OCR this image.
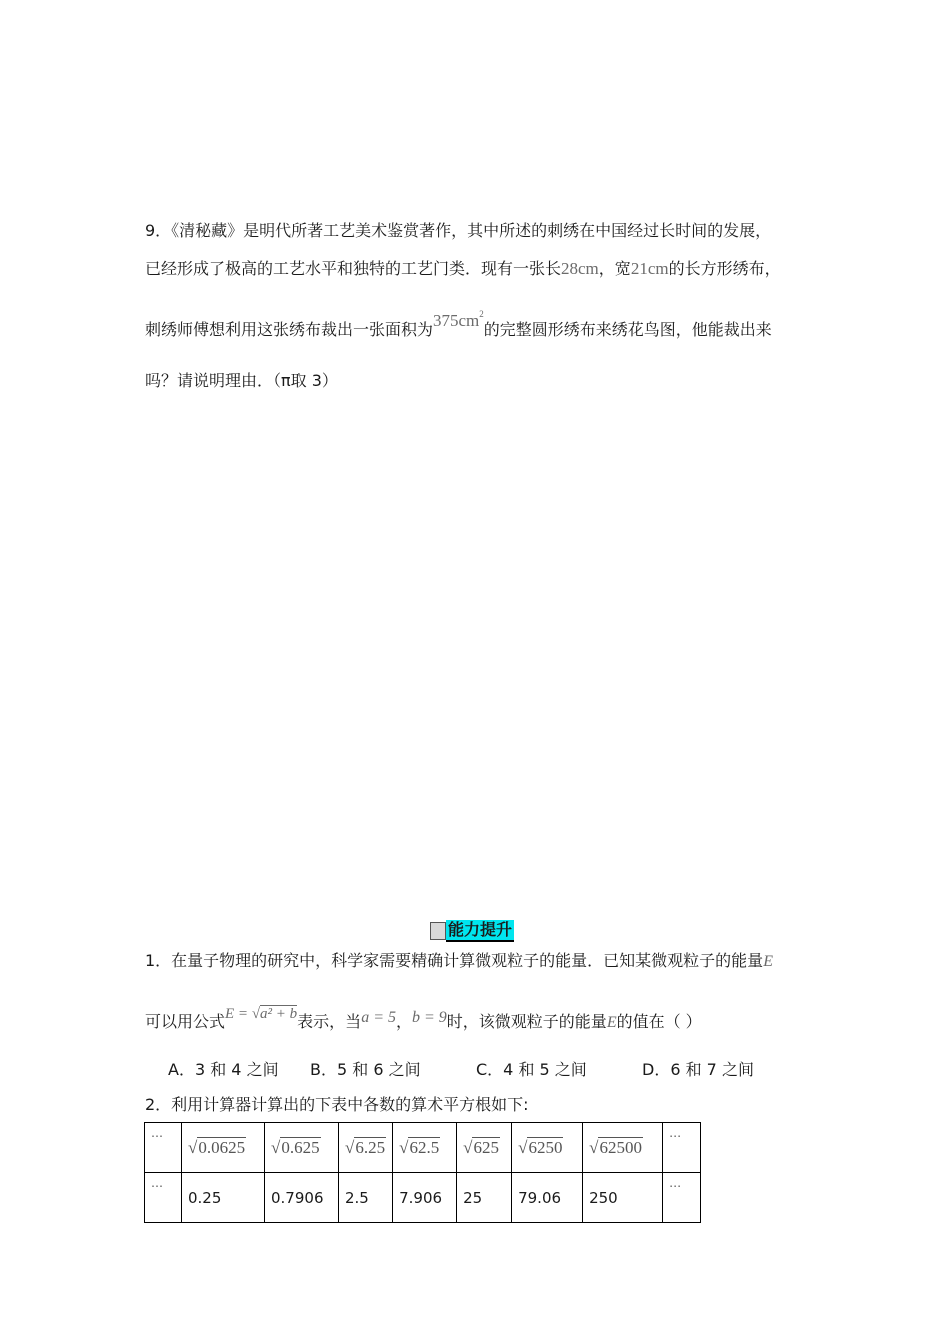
9．《清秘藏》是明代所著工艺美术鉴赏著作，其中所述的刺绣在中国经过长时间的发展，
已经形成了极高的工艺水平和独特的工艺门类．现有一张长28cm，宽21cm的长方形绣布，
刺绣师傅想利用这张绣布裁出一张面积为$375cm^2$的完整圆形绣布来绣花鸟图，他能裁出来
吗？请说明理由．（π取 3）
能力提升
1．在量子物理的研究中，科学家需要精确计算微观粒子的能量．已知某微观粒子的能量E
可以用公式E = √a² + b表示，当a = 5，b = 9时，该微观粒子的能量E的值在（ ）
A．3 和 4 之间 B．5 和 6 之间	C．4 和 5 之间	D．6 和 7 之间
2．利用计算器计算出的下表中各数的算术平方根如下:
⋯	√0.0625	√0.625	√6.25	√62.5	√625	√6250	√62500	⋯
⋯	0.25	0.7906	2.5	7.906	25	79.06	250	⋯
